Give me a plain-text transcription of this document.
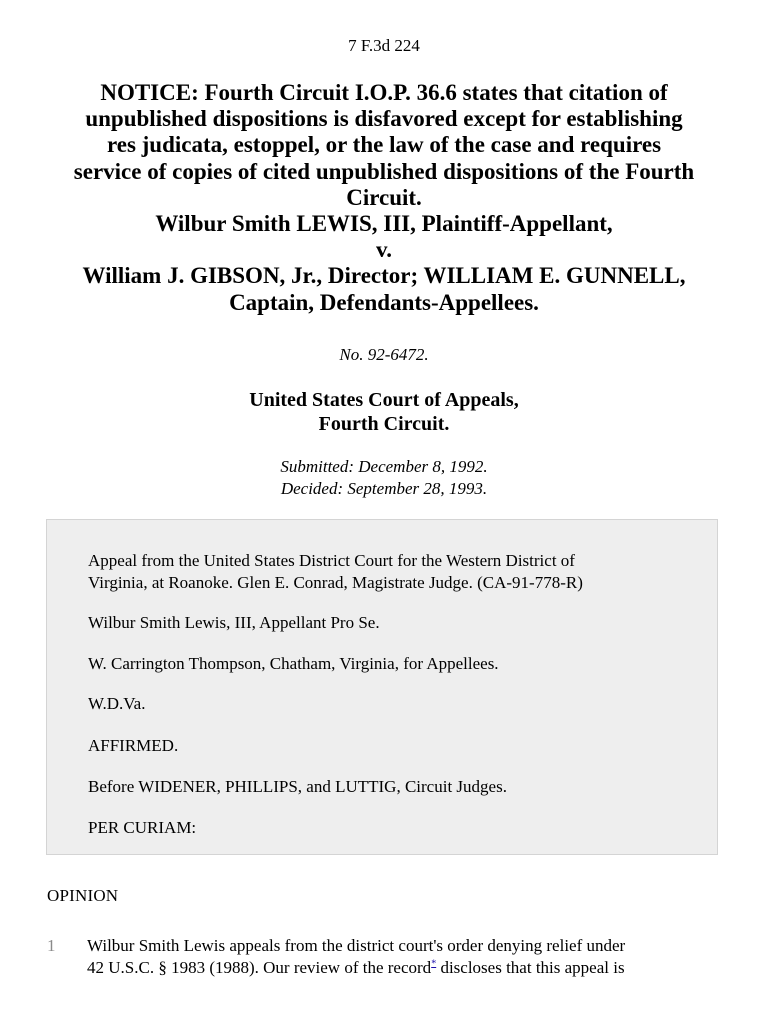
7 F.3d 224
NOTICE: Fourth Circuit I.O.P. 36.6 states that citation of
unpublished dispositions is disfavored except for establishing
res judicata, estoppel, or the law of the case and requires
service of copies of cited unpublished dispositions of the Fourth
Circuit.
Wilbur Smith LEWIS, III, Plaintiff-Appellant,
v.
William J. GIBSON, Jr., Director; WILLIAM E. GUNNELL,
Captain, Defendants-Appellees.
No. 92-6472.
United States Court of Appeals,
Fourth Circuit.
Submitted: December 8, 1992.
Decided: September 28, 1993.

Appeal from the United States District Court for the Western District of
Virginia, at Roanoke. Glen E. Conrad, Magistrate Judge. (CA-91-778-R)

Wilbur Smith Lewis, III, Appellant Pro Se.

W. Carrington Thompson, Chatham, Virginia, for Appellees.

W.D.Va.

AFFIRMED.

Before WIDENER, PHILLIPS, and LUTTIG, Circuit Judges.

PER CURIAM:

OPINION
1 Wilbur Smith Lewis appeals from the district court's order denying relief under
42 U.S.C. § 1983 (1988). Our review of the record* discloses that this appeal is
